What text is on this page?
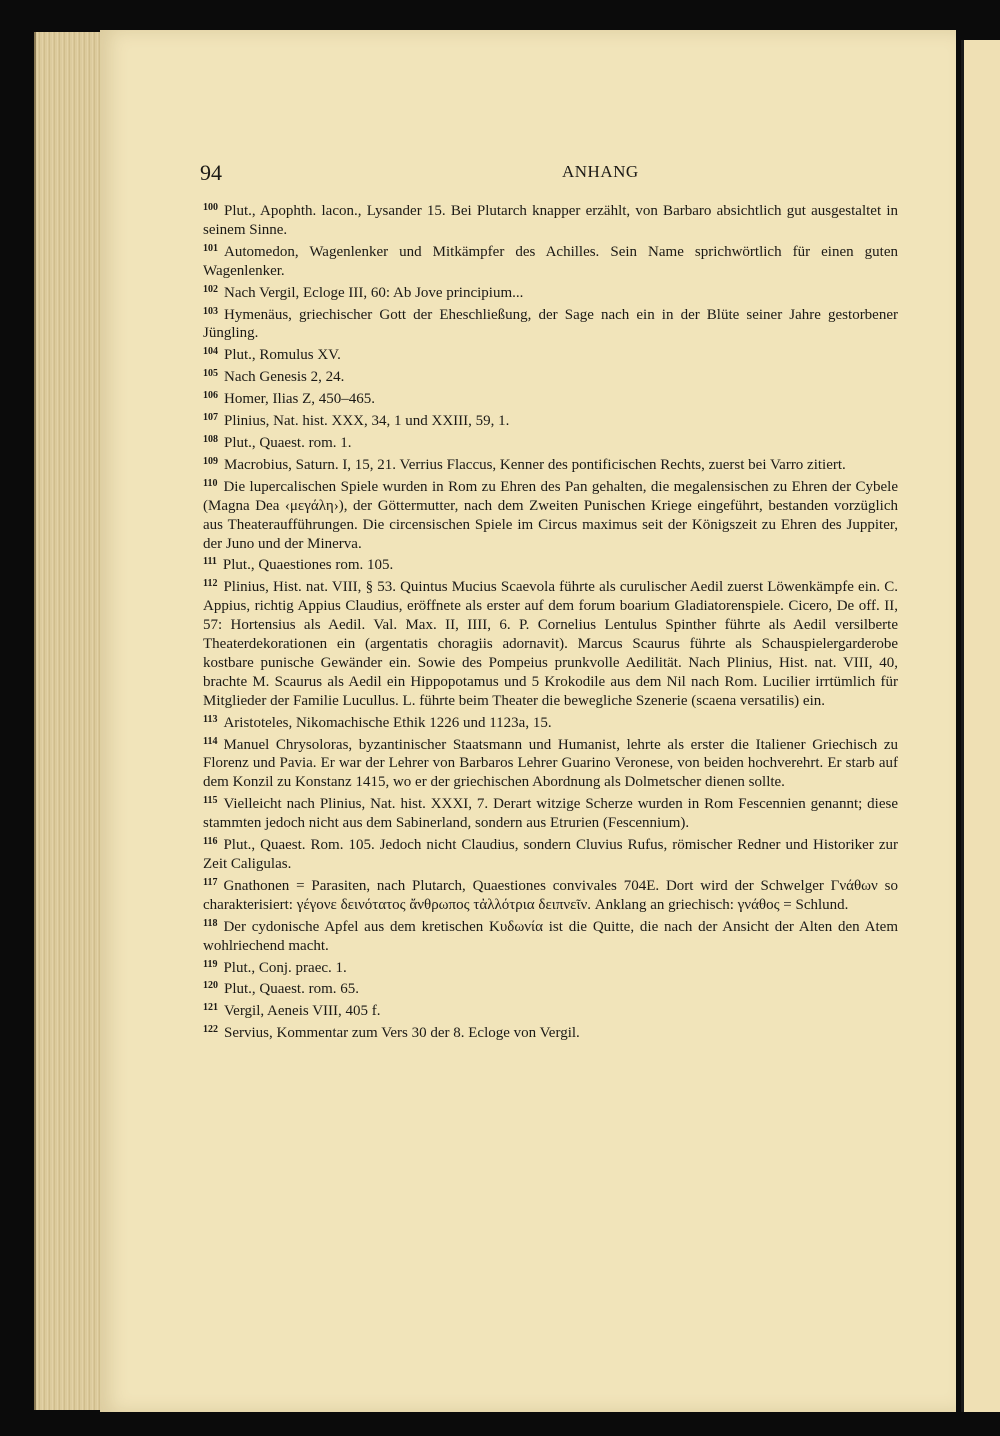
94	ANHANG

$^{100}$ Plut., Apophth. lacon., Lysander 15. Bei Plutarch knapper erzählt, von Barbaro absichtlich gut ausgestaltet in seinem Sinne.

$^{101}$ Automedon, Wagenlenker und Mitkämpfer des Achilles. Sein Name sprichwörtlich für einen guten Wagenlenker.

$^{102}$ Nach Vergil, Ecloge III, 60: Ab Jove principium...

$^{103}$ Hymenäus, griechischer Gott der Eheschließung, der Sage nach ein in der Blüte seiner Jahre gestorbener Jüngling.

$^{104}$ Plut., Romulus XV.

$^{105}$ Nach Genesis 2, 24.

$^{106}$ Homer, Ilias Z, 450–465.

$^{107}$ Plinius, Nat. hist. XXX, 34, 1 und XXIII, 59, 1.

$^{108}$ Plut., Quaest. rom. 1.

$^{109}$ Macrobius, Saturn. I, 15, 21. Verrius Flaccus, Kenner des pontificischen Rechts, zuerst bei Varro zitiert.

$^{110}$ Die lupercalischen Spiele wurden in Rom zu Ehren des Pan gehalten, die megalensischen zu Ehren der Cybele (Magna Dea ‹μεγάλη›), der Göttermutter, nach dem Zweiten Punischen Kriege eingeführt, bestanden vorzüglich aus Theateraufführungen. Die circensischen Spiele im Circus maximus seit der Königszeit zu Ehren des Juppiter, der Juno und der Minerva.

$^{111}$ Plut., Quaestiones rom. 105.

$^{112}$ Plinius, Hist. nat. VIII, § 53. Quintus Mucius Scaevola führte als curulischer Aedil zuerst Löwenkämpfe ein. C. Appius, richtig Appius Claudius, eröffnete als erster auf dem forum boarium Gladiatorenspiele. Cicero, De off. II, 57: Hortensius als Aedil. Val. Max. II, IIII, 6. P. Cornelius Lentulus Spinther führte als Aedil versilberte Theaterdekorationen ein (argentatis choragiis adornavit). Marcus Scaurus führte als Schauspielergarderobe kostbare punische Gewänder ein. Sowie des Pompeius prunkvolle Aedilität. Nach Plinius, Hist. nat. VIII, 40, brachte M. Scaurus als Aedil ein Hippopotamus und 5 Krokodile aus dem Nil nach Rom. Lucilier irrtümlich für Mitglieder der Familie Lucullus. L. führte beim Theater die bewegliche Szenerie (scaena versatilis) ein.

$^{113}$ Aristoteles, Nikomachische Ethik 1226 und 1123a, 15.

$^{114}$ Manuel Chrysoloras, byzantinischer Staatsmann und Humanist, lehrte als erster die Italiener Griechisch zu Florenz und Pavia. Er war der Lehrer von Barbaros Lehrer Guarino Veronese, von beiden hochverehrt. Er starb auf dem Konzil zu Konstanz 1415, wo er der griechischen Abordnung als Dolmetscher dienen sollte.

$^{115}$ Vielleicht nach Plinius, Nat. hist. XXXI, 7. Derart witzige Scherze wurden in Rom Fescennien genannt; diese stammten jedoch nicht aus dem Sabinerland, sondern aus Etrurien (Fescennium).

$^{116}$ Plut., Quaest. Rom. 105. Jedoch nicht Claudius, sondern Cluvius Rufus, römischer Redner und Historiker zur Zeit Caligulas.

$^{117}$ Gnathonen = Parasiten, nach Plutarch, Quaestiones convivales 704E. Dort wird der Schwelger Γνάθων so charakterisiert: γέγονε δεινότατος ἄνθρωπος τἀλλότρια δειπνεῖν. Anklang an griechisch: γνάθος = Schlund.

$^{118}$ Der cydonische Apfel aus dem kretischen Κυδωνία ist die Quitte, die nach der Ansicht der Alten den Atem wohlriechend macht.

$^{119}$ Plut., Conj. praec. 1.

$^{120}$ Plut., Quaest. rom. 65.

$^{121}$ Vergil, Aeneis VIII, 405 f.

$^{122}$ Servius, Kommentar zum Vers 30 der 8. Ecloge von Vergil.
